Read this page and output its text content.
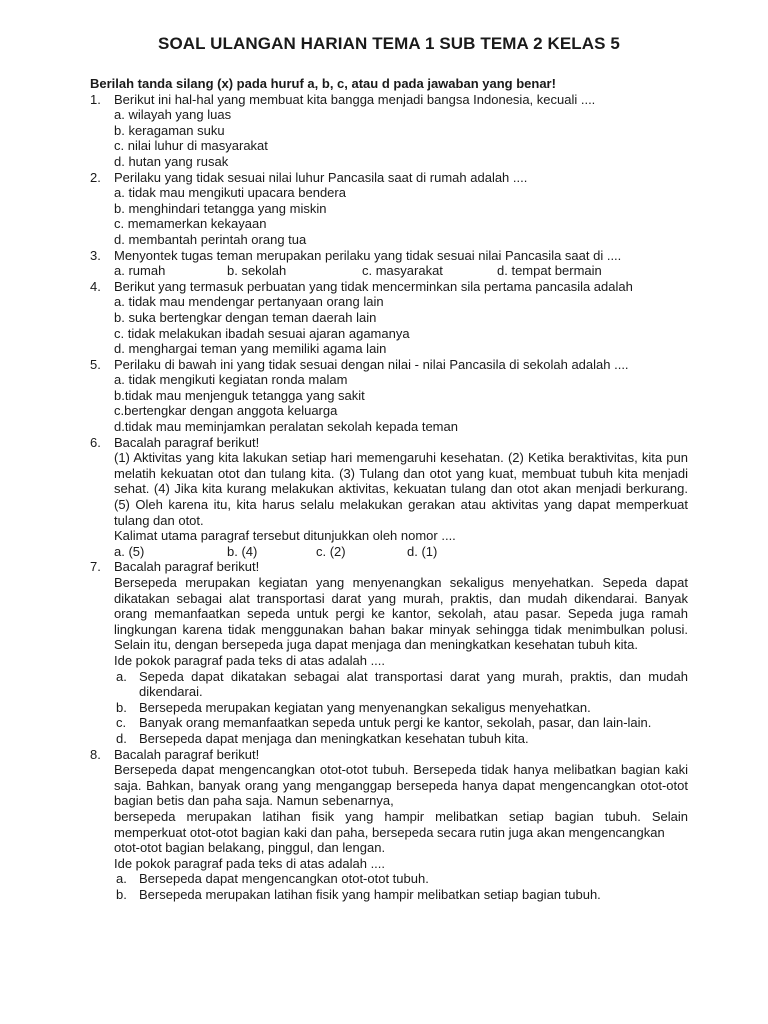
SOAL ULANGAN HARIAN TEMA 1 SUB TEMA 2 KELAS 5
Berilah tanda silang (x) pada huruf a, b, c, atau d pada jawaban yang benar!
1. Berikut ini hal-hal yang membuat kita bangga menjadi bangsa Indonesia, kecuali ....
a. wilayah yang luas
b. keragaman suku
c. nilai luhur di masyarakat
d. hutan yang rusak
2. Perilaku yang tidak sesuai nilai luhur Pancasila saat di rumah adalah ....
a. tidak mau mengikuti upacara bendera
b. menghindari tetangga yang miskin
c. memamerkan kekayaan
d. membantah perintah orang tua
3. Menyontek tugas teman merupakan perilaku yang tidak sesuai nilai Pancasila saat di ....
a. rumah	b. sekolah	c. masyarakat	d. tempat bermain
4. Berikut yang termasuk perbuatan yang tidak mencerminkan sila pertama pancasila adalah
a. tidak mau mendengar pertanyaan orang lain
b. suka bertengkar dengan teman daerah lain
c. tidak melakukan ibadah sesuai ajaran agamanya
d. menghargai teman yang memiliki agama lain
5. Perilaku di bawah ini yang tidak sesuai dengan nilai - nilai Pancasila di sekolah adalah ....
a. tidak mengikuti kegiatan ronda malam
b.tidak mau menjenguk tetangga yang sakit
c.bertengkar dengan anggota keluarga
d.tidak mau meminjamkan peralatan sekolah kepada teman
6. Bacalah paragraf berikut!
(1) Aktivitas yang kita lakukan setiap hari memengaruhi kesehatan. (2) Ketika beraktivitas, kita pun melatih kekuatan otot dan tulang kita. (3) Tulang dan otot yang kuat, membuat tubuh kita menjadi sehat. (4) Jika kita kurang melakukan aktivitas, kekuatan tulang dan otot akan menjadi berkurang. (5) Oleh karena itu, kita harus selalu melakukan gerakan atau aktivitas yang dapat memperkuat tulang dan otot.
Kalimat utama paragraf tersebut ditunjukkan oleh nomor ....
a. (5)	b. (4)	c. (2)	d. (1)
7. Bacalah paragraf berikut!
Bersepeda merupakan kegiatan yang menyenangkan sekaligus menyehatkan. Sepeda dapat dikatakan sebagai alat transportasi darat yang murah, praktis, dan mudah dikendarai. Banyak orang memanfaatkan sepeda untuk pergi ke kantor, sekolah, atau pasar. Sepeda juga ramah lingkungan karena tidak menggunakan bahan bakar minyak sehingga tidak menimbulkan polusi. Selain itu, dengan bersepeda juga dapat menjaga dan meningkatkan kesehatan tubuh kita.
Ide pokok paragraf pada teks di atas adalah ....
a. Sepeda dapat dikatakan sebagai alat transportasi darat yang murah, praktis, dan mudah dikendarai.
b. Bersepeda merupakan kegiatan yang menyenangkan sekaligus menyehatkan.
c. Banyak orang memanfaatkan sepeda untuk pergi ke kantor, sekolah, pasar, dan lain-lain.
d. Bersepeda dapat menjaga dan meningkatkan kesehatan tubuh kita.
8. Bacalah paragraf berikut!
Bersepeda dapat mengencangkan otot-otot tubuh. Bersepeda tidak hanya melibatkan bagian kaki saja. Bahkan, banyak orang yang menganggap bersepeda hanya dapat mengencangkan otot-otot bagian betis dan paha saja. Namun sebenarnya,
bersepeda merupakan latihan fisik yang hampir melibatkan setiap bagian tubuh. Selain memperkuat otot-otot bagian kaki dan paha, bersepeda secara rutin juga akan mengencangkan
otot-otot bagian belakang, pinggul, dan lengan.
Ide pokok paragraf pada teks di atas adalah ....
a. Bersepeda dapat mengencangkan otot-otot tubuh.
b. Bersepeda merupakan latihan fisik yang hampir melibatkan setiap bagian tubuh.
